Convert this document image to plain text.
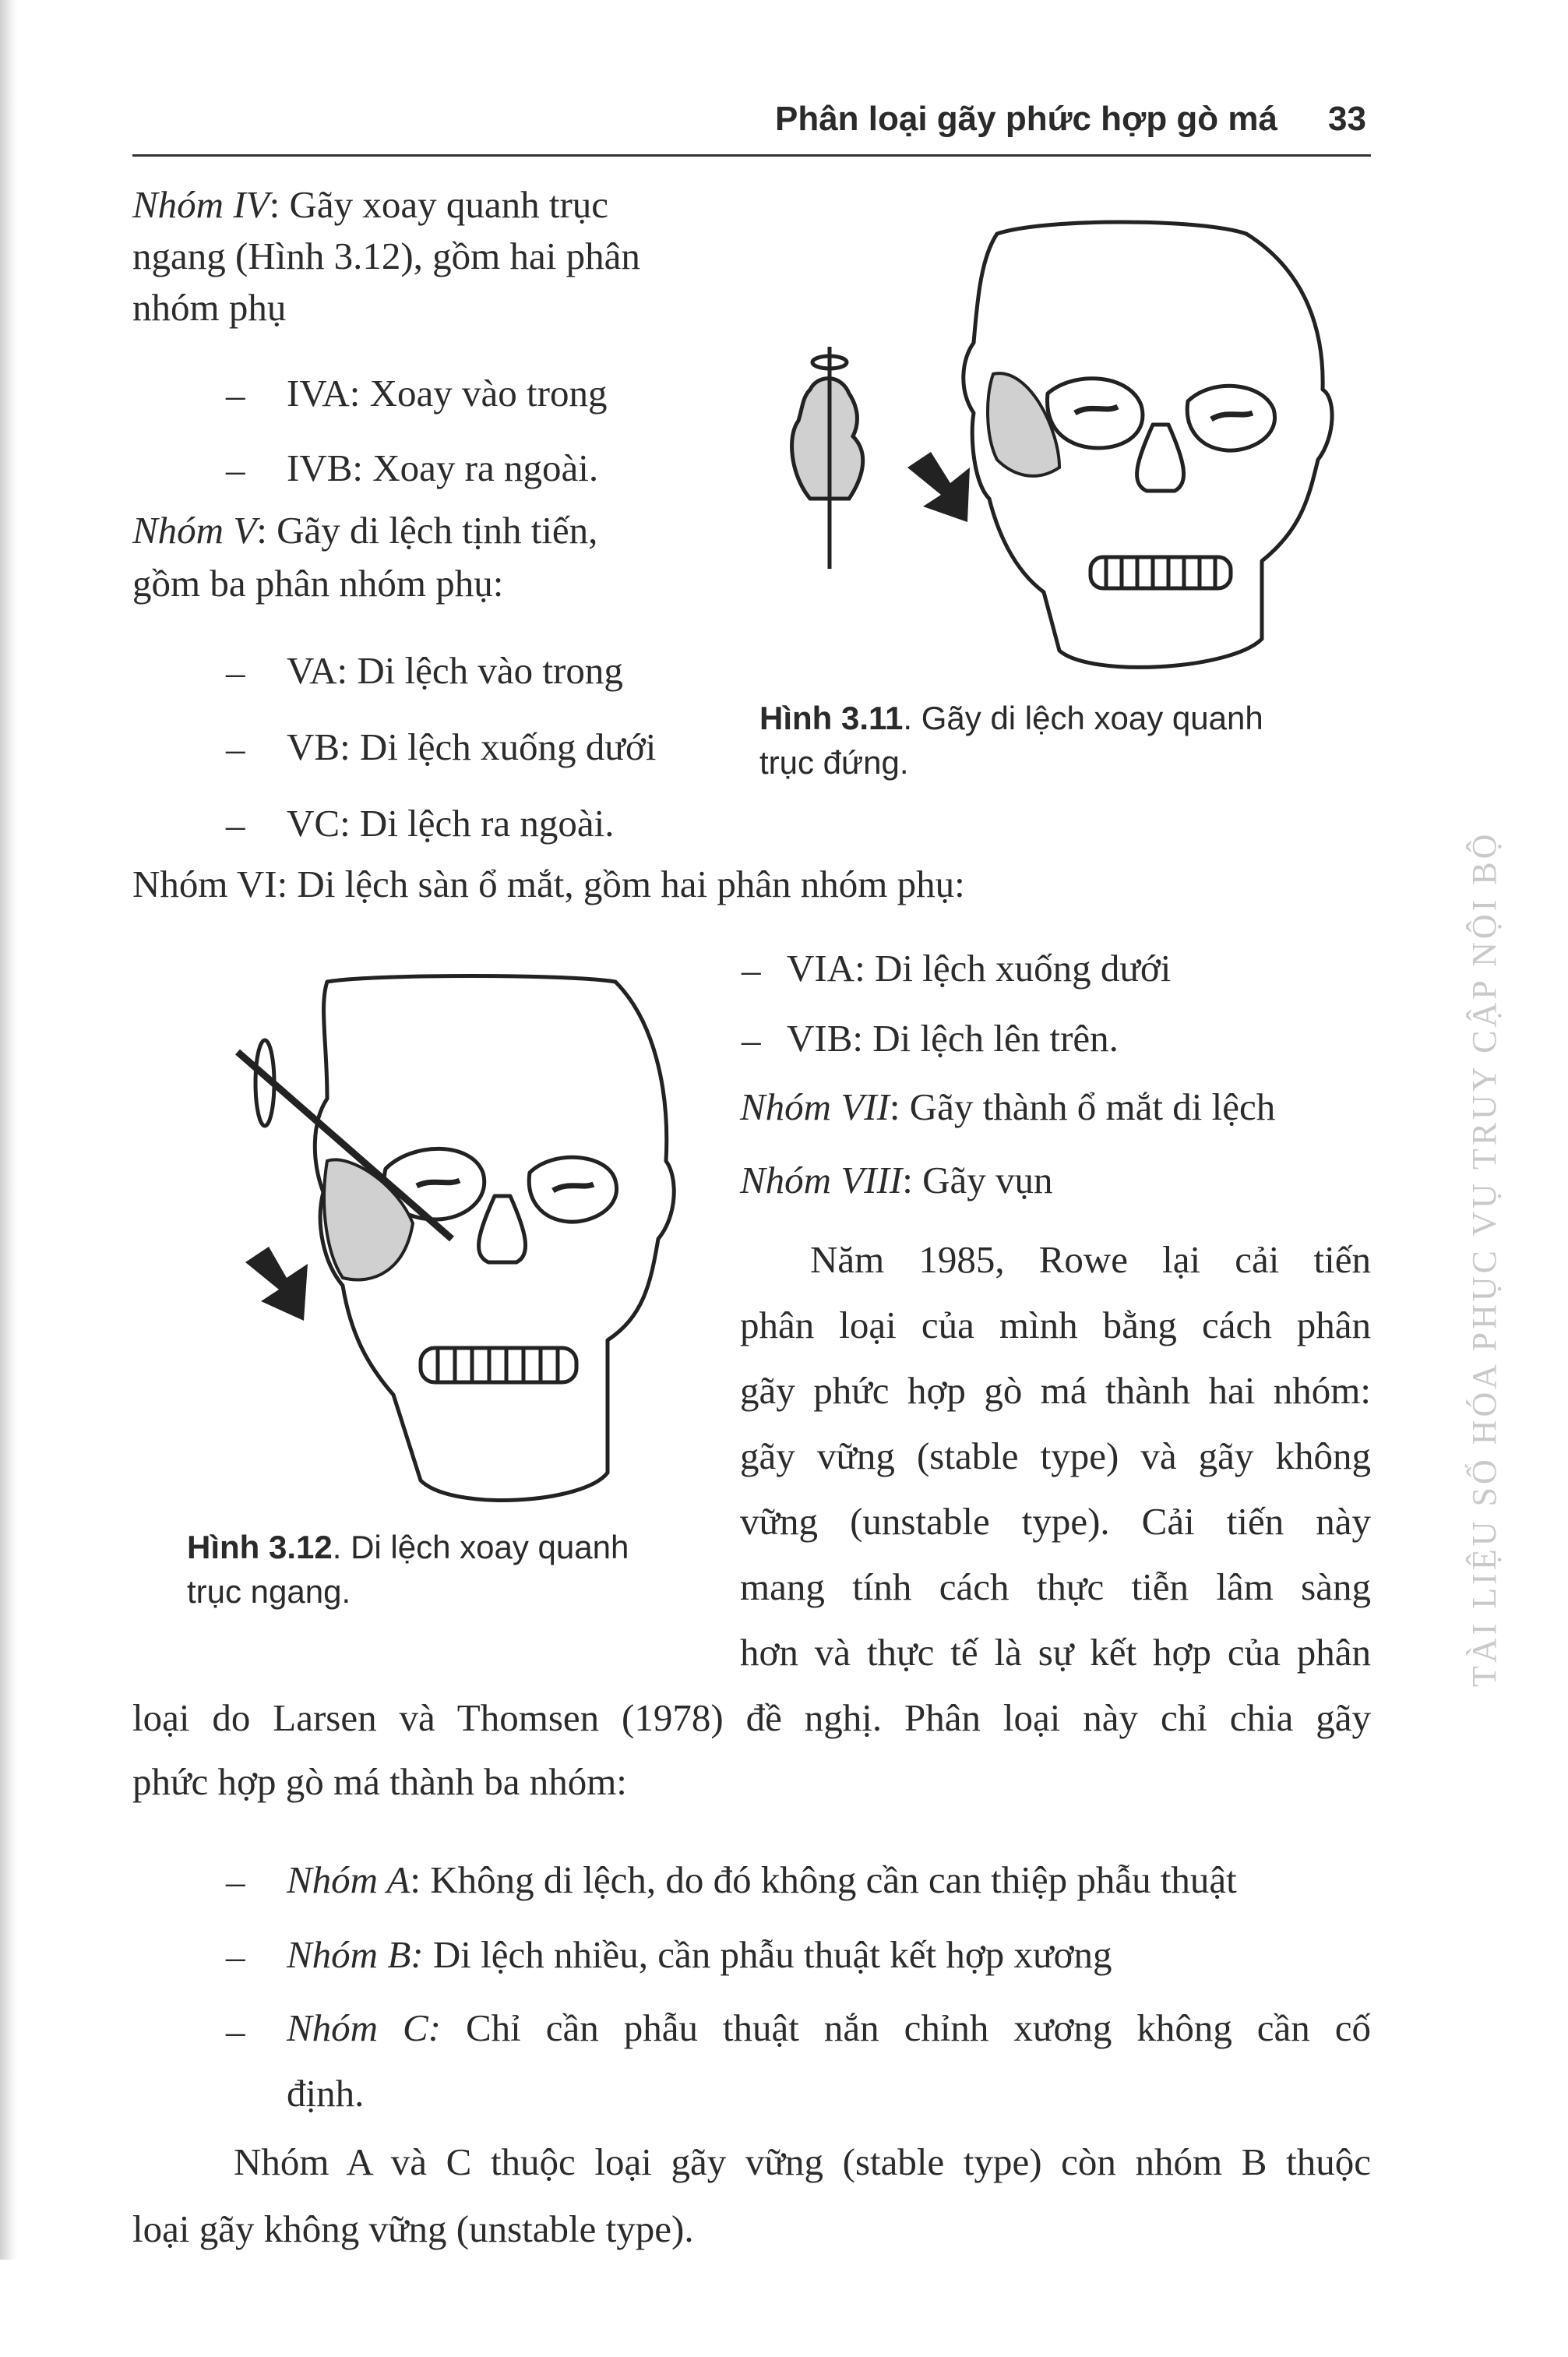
Phân loại gãy phức hợp gò má 33
Nhóm IV: Gãy xoay quanh trục
ngang (Hình 3.12), gồm hai phân
nhóm phụ
– IVA: Xoay vào trong
– IVB: Xoay ra ngoài.
Nhóm V: Gãy di lệch tịnh tiến,
gồm ba phân nhóm phụ:
– VA: Di lệch vào trong
– VB: Di lệch xuống dưới
– VC: Di lệch ra ngoài.
Hình 3.11. Gãy di lệch xoay quanh
trục đứng.
Nhóm VI: Di lệch sàn ổ mắt, gồm hai phân nhóm phụ:
– VIA: Di lệch xuống dưới
– VIB: Di lệch lên trên.
Nhóm VII: Gãy thành ổ mắt di lệch
Nhóm VIII: Gãy vụn
Hình 3.12. Di lệch xoay quanh
trục ngang.
Năm 1985, Rowe lại cải tiến
phân loại của mình bằng cách phân
gãy phức hợp gò má thành hai nhóm:
gãy vững (stable type) và gãy không
vững (unstable type). Cải tiến này
mang tính cách thực tiễn lâm sàng
hơn và thực tế là sự kết hợp của phân
loại do Larsen và Thomsen (1978) đề nghị. Phân loại này chỉ chia gãy
phức hợp gò má thành ba nhóm:
– Nhóm A: Không di lệch, do đó không cần can thiệp phẫu thuật
– Nhóm B: Di lệch nhiều, cần phẫu thuật kết hợp xương
– Nhóm C: Chỉ cần phẫu thuật nắn chỉnh xương không cần cố
định.
Nhóm A và C thuộc loại gãy vững (stable type) còn nhóm B thuộc
loại gãy không vững (unstable type).
TÀI LIỆU SỐ HÓA PHỤC VỤ TRUY CẬP NỘI BỘ
